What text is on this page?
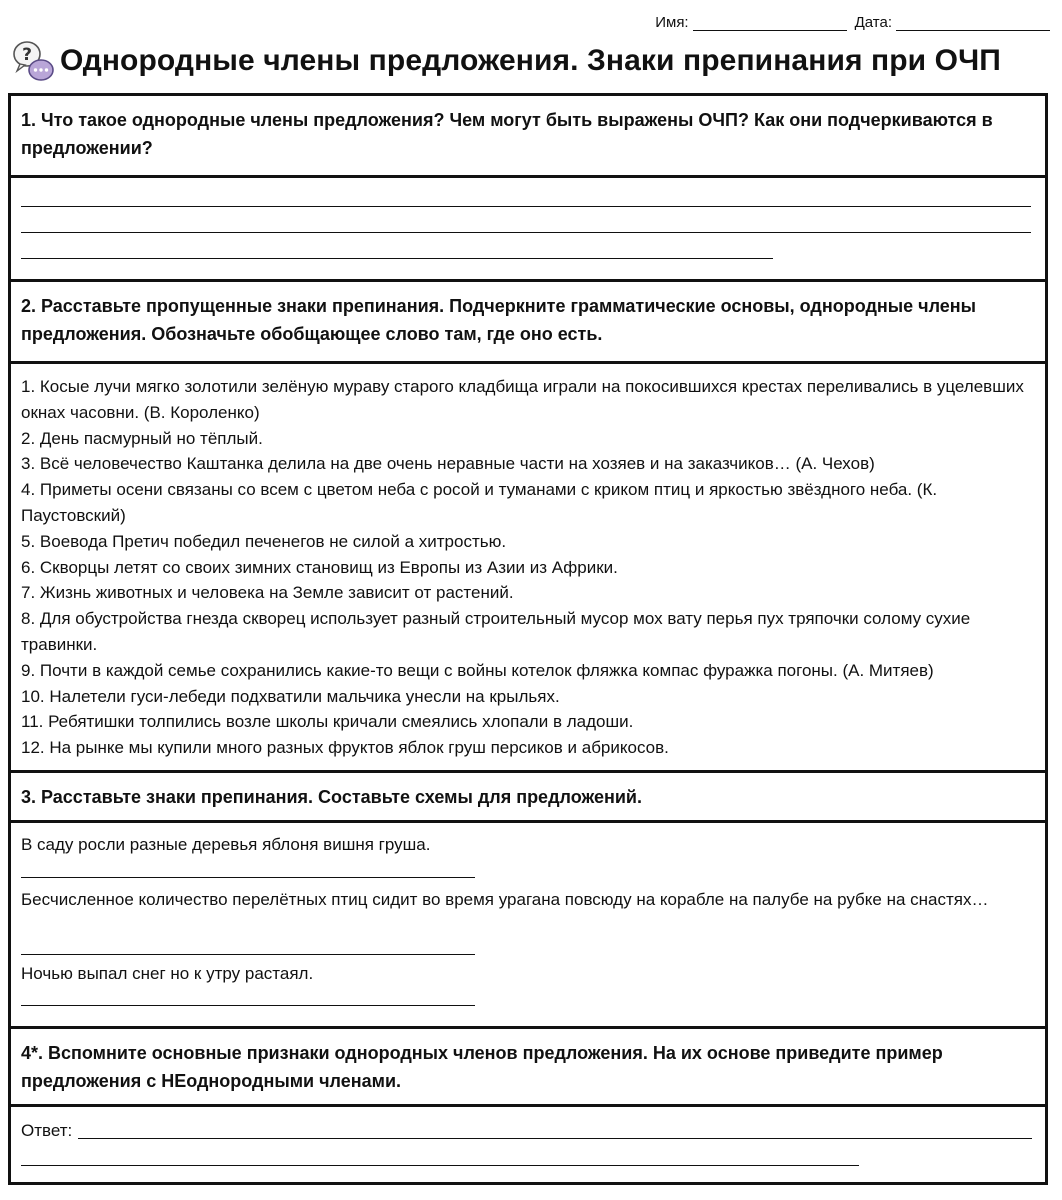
Имя:	Дата:
? Однородные члены предложения. Знаки препинания при ОЧП
1. Что такое однородные члены предложения? Чем могут быть выражены ОЧП? Как они подчеркиваются в предложении?
2. Расставьте пропущенные знаки препинания. Подчеркните грамматические основы, однородные члены предложения. Обозначьте обобщающее слово там, где оно есть.

1. Косые лучи мягко золотили зелёную мураву старого кладбища играли на покосившихся крестах переливались в уцелевших окнах часовни. (В. Короленко)

2. День пасмурный но тёплый.

3. Всё человечество Каштанка делила на две очень неравные части на хозяев и на заказчиков… (А. Чехов)

4. Приметы осени связаны со всем с цветом неба с росой и туманами с криком птиц и яркостью звёздного неба. (К. Паустовский)

5. Воевода Претич победил печенегов не силой а хитростью.

6. Скворцы летят со своих зимних становищ из Европы из Азии из Африки.

7. Жизнь животных и человека на Земле зависит от растений.

8. Для обустройства гнезда скворец использует разный строительный мусор мох вату перья пух тряпочки солому сухие травинки.

9. Почти в каждой семье сохранились какие-то вещи с войны котелок фляжка компас фуражка погоны. (А. Митяев)

10. Налетели гуси-лебеди подхватили мальчика унесли на крыльях.

11. Ребятишки толпились возле школы кричали смеялись хлопали в ладоши.

12. На рынке мы купили много разных фруктов яблок груш персиков и абрикосов.

3. Расставьте знаки препинания. Составьте схемы для предложений.
В саду росли разные деревья яблоня вишня груша.
Бесчисленное количество перелётных птиц сидит во время урагана повсюду на корабле на палубе на рубке на снастях…
Ночью выпал снег но к утру растаял.
4*. Вспомните основные признаки однородных членов предложения. На их основе приведите пример предложения с НЕоднородными членами.
Ответ:
